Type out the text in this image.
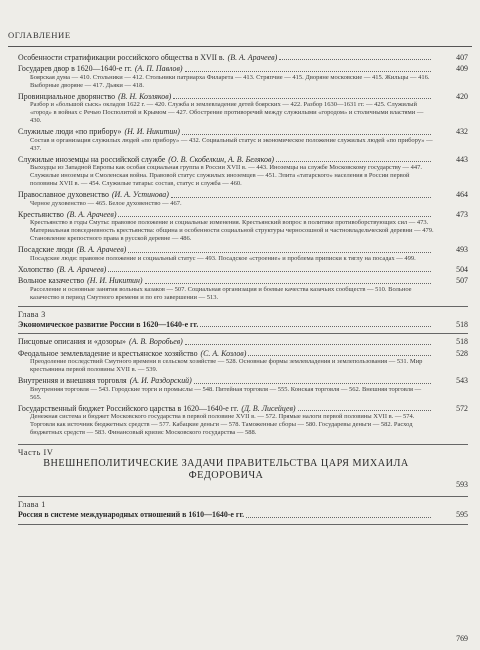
ОГЛАВЛЕНИЕ
Особенности стратификации российского общества в XVII в. (В. А. Арачеев)	407
Государев двор в 1620—1640-е гг. (А. П. Павлов)	409
Боярская дума — 410. Стольники — 412. Стольники патриарха Филарета — 413. Стряпчие — 415. Дворяне московские — 415. Жильцы — 416. Выборные дворяне — 417. Дьяки — 418.
Провинциальное дворянство (В. Н. Козляков)	420
Разбор и «большой сыск» окладов 1622 г. — 420. Служба и землевладение детей боярских — 422. Разбор 1630—1631 гг. — 425. Служилый «город» в войнах с Речью Посполитой и Крымом — 427. Обострение противоречий между служилыми «городом» и столичными властями — 430.
Служилые люди «по прибору» (Н. И. Никитин)	432
Состав и организация служилых людей «по прибору» — 432. Социальный статус и экономическое положение служилых людей «по прибору» — 437.
Служилые иноземцы на российской службе (О. В. Скобелкин, А. В. Беляков)	443
Выходцы из Западной Европы как особая социальная группа в России XVII в. — 443. Иноземцы на службе Московскому государству — 447. Служилые иноземцы и Смоленская война. Правовой статус служилых иноземцев — 451. Элита «татарского» населения в России первой половины XVII в. — 454. Служилые татары: состав, статус и служба — 460.
Православное духовенство (И. А. Устинова)	464
Черное духовенство — 465. Белое духовенство — 467.
Крестьянство (В. А. Арачеев)	473
Крестьянство в годы Смуты: правовое положение и социальные изменения. Крестьянский вопрос в политике противоборствующих сил — 473. Материальная повседневность крестьянства: община и особенности социальной структуры черносошной и частновладельческой деревни — 479. Становление крепостного права в русской деревне — 486.
Посадские люди (В. А. Арачеев)	493
Посадские люди: правовое положение и социальный статус — 493. Посадское «строение» и проблема приписки к тяглу на посадах — 499.
Холопство (В. А. Арачеев)	504
Вольное казачество (Н. И. Никитин)	507
Расселение и основные занятия вольных казаков — 507. Социальная организация и боевые качества казачьих сообществ — 510. Вольное казачество в период Смутного времени и по его завершении — 513.
Глава 3
Экономическое развитие России в 1620—1640-е гг.	518
Писцовые описания и «дозоры» (А. В. Воробьев)	518
Феодальное землевладение и крестьянское хозяйство (С. А. Козлов)	528
Преодоление последствий Смутного времени в сельском хозяйстве — 528. Основные формы землевладения и землепользования — 531. Мир крестьянина первой половины XVII в. — 539.
Внутренняя и внешняя торговля (А. И. Раздорский)	543
Внутренняя торговля — 543. Городские торги и промыслы — 548. Питейная торговля — 555. Конская торговля — 562. Внешняя торговля — 565.
Государственный бюджет Российского царства в 1620—1640-е гг. (Д. В. Лисейцев)	572
Денежная система и бюджет Московского государства в первой половине XVII в. — 572. Прямые налоги первой половины XVII в. — 574. Торговля как источник бюджетных средств — 577. Кабацкие деньги — 578. Таможенные сборы — 580. Государевы деньги — 582. Расход бюджетных средств — 583. Финансовый кризис Московского государства — 588.
Часть IV
ВНЕШНЕПОЛИТИЧЕСКИЕ ЗАДАЧИ ПРАВИТЕЛЬСТВА ЦАРЯ МИХАИЛА ФЕДОРОВИЧА
593
Глава 1
Россия в системе международных отношений в 1610—1640-е гг.	595
769
